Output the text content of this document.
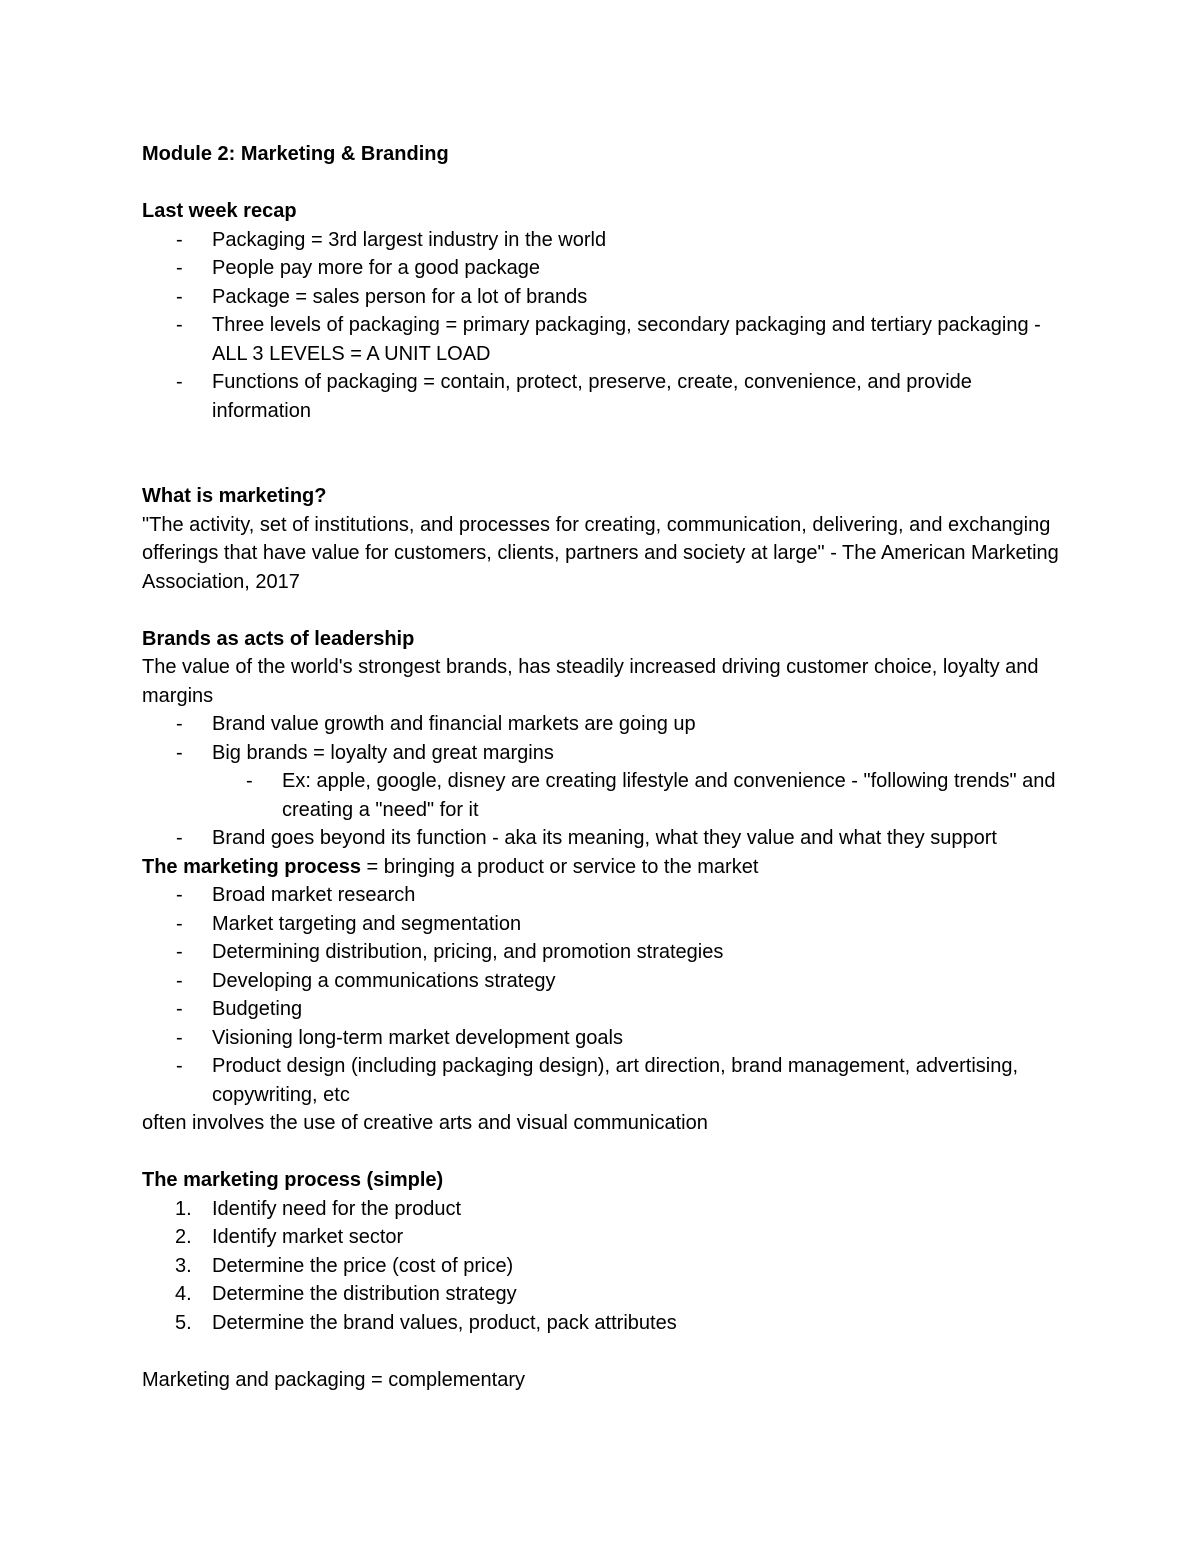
Module 2: Marketing & Branding
Last week recap
- Packaging = 3rd largest industry in the world
- People pay more for a good package
- Package = sales person for a lot of brands
- Three levels of packaging = primary packaging, secondary packaging and tertiary packaging - ALL 3 LEVELS = A UNIT LOAD
- Functions of packaging = contain, protect, preserve, create, convenience, and provide information
What is marketing?

"The activity, set of institutions, and processes for creating, communication, delivering, and exchanging offerings that have value for customers, clients, partners and society at large" - The American Marketing Association, 2017

Brands as acts of leadership

The value of the world's strongest brands, has steadily increased driving customer choice, loyalty and margins

- Brand value growth and financial markets are going up
- Big brands = loyalty and great margins
- Ex: apple, google, disney are creating lifestyle and convenience - "following trends" and creating a "need" for it
- Brand goes beyond its function - aka its meaning, what they value and what they support

The marketing process = bringing a product or service to the market

- Broad market research
- Market targeting and segmentation
- Determining distribution, pricing, and promotion strategies
- Developing a communications strategy
- Budgeting
- Visioning long-term market development goals
- Product design (including packaging design), art direction, brand management, advertising, copywriting, etc

often involves the use of creative arts and visual communication

The marketing process (simple)
1. Identify need for the product
2. Identify market sector
3. Determine the price (cost of price)
4. Determine the distribution strategy
5. Determine the brand values, product, pack attributes

Marketing and packaging = complementary
